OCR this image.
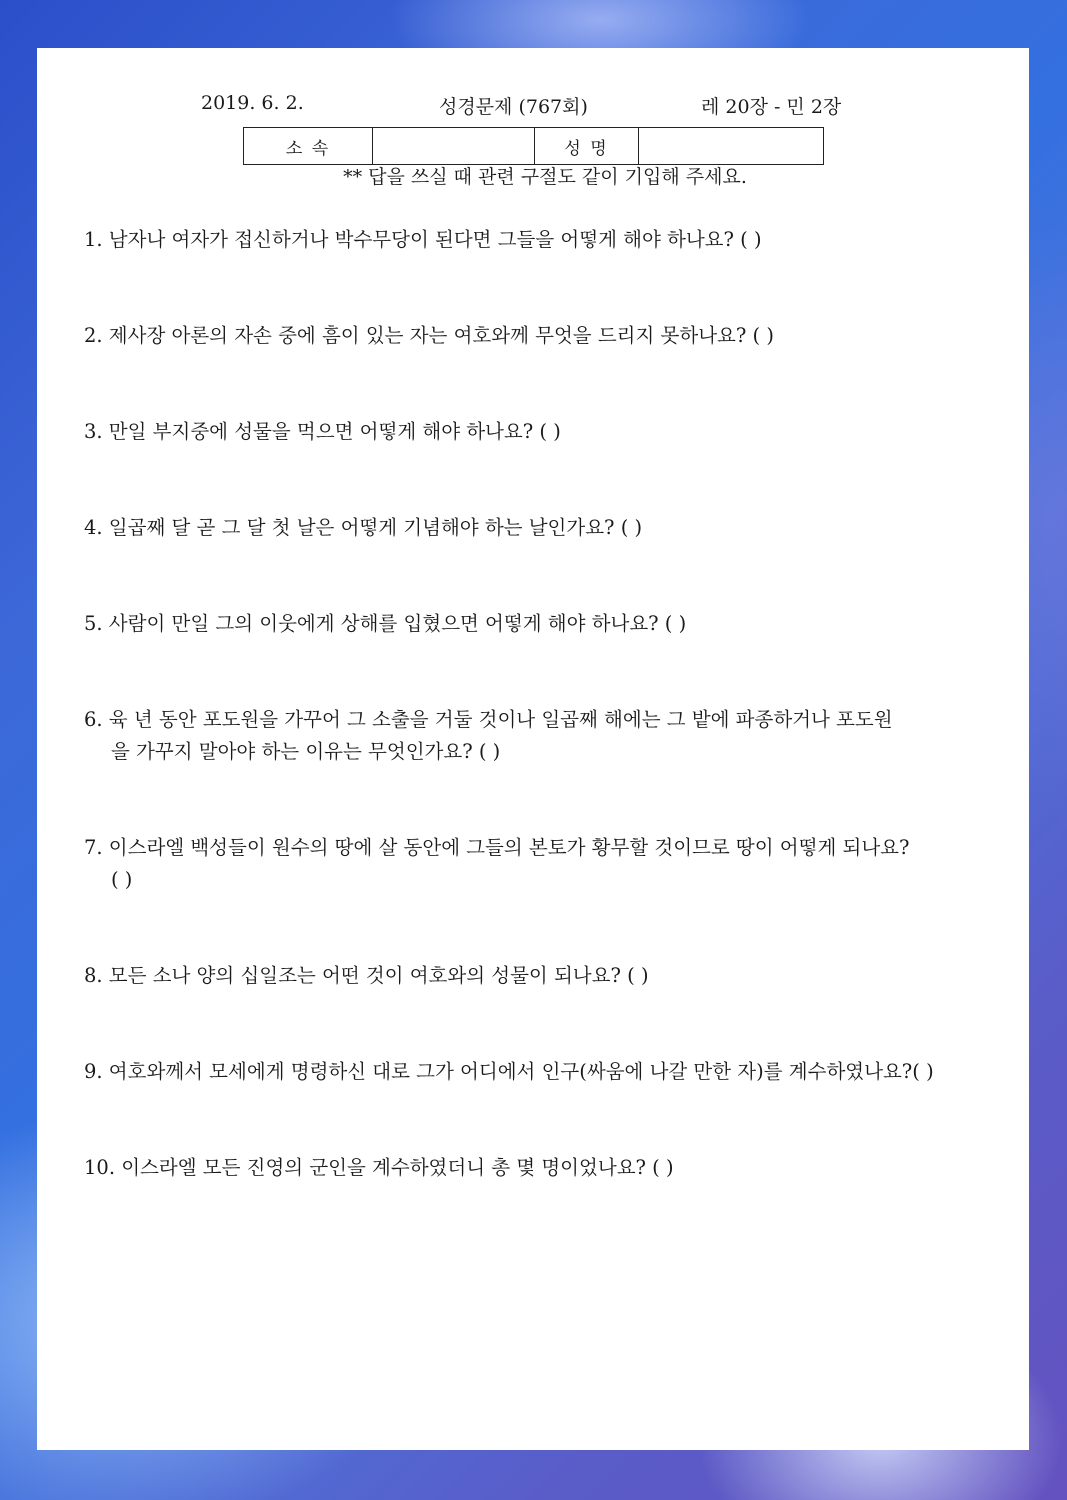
2019. 6. 2.	성경문제 (767회)	레 20장 - 민 2장
소 속	성 명
** 답을 쓰실 때 관련 구절도 같이 기입해 주세요.
1. 남자나 여자가 접신하거나 박수무당이 된다면 그들을 어떻게 해야 하나요? ( )
2. 제사장 아론의 자손 중에 흠이 있는 자는 여호와께 무엇을 드리지 못하나요? ( )
3. 만일 부지중에 성물을 먹으면 어떻게 해야 하나요? ( )
4. 일곱째 달 곧 그 달 첫 날은 어떻게 기념해야 하는 날인가요? ( )
5. 사람이 만일 그의 이웃에게 상해를 입혔으면 어떻게 해야 하나요? ( )
6. 육 년 동안 포도원을 가꾸어 그 소출을 거둘 것이나 일곱째 해에는 그 밭에 파종하거나 포도원
을 가꾸지 말아야 하는 이유는 무엇인가요? ( )
7. 이스라엘 백성들이 원수의 땅에 살 동안에 그들의 본토가 황무할 것이므로 땅이 어떻게 되나요?
( )
8. 모든 소나 양의 십일조는 어떤 것이 여호와의 성물이 되나요? ( )
9. 여호와께서 모세에게 명령하신 대로 그가 어디에서 인구(싸움에 나갈 만한 자)를 계수하였나요?( )
10. 이스라엘 모든 진영의 군인을 계수하였더니 총 몇 명이었나요? ( )
